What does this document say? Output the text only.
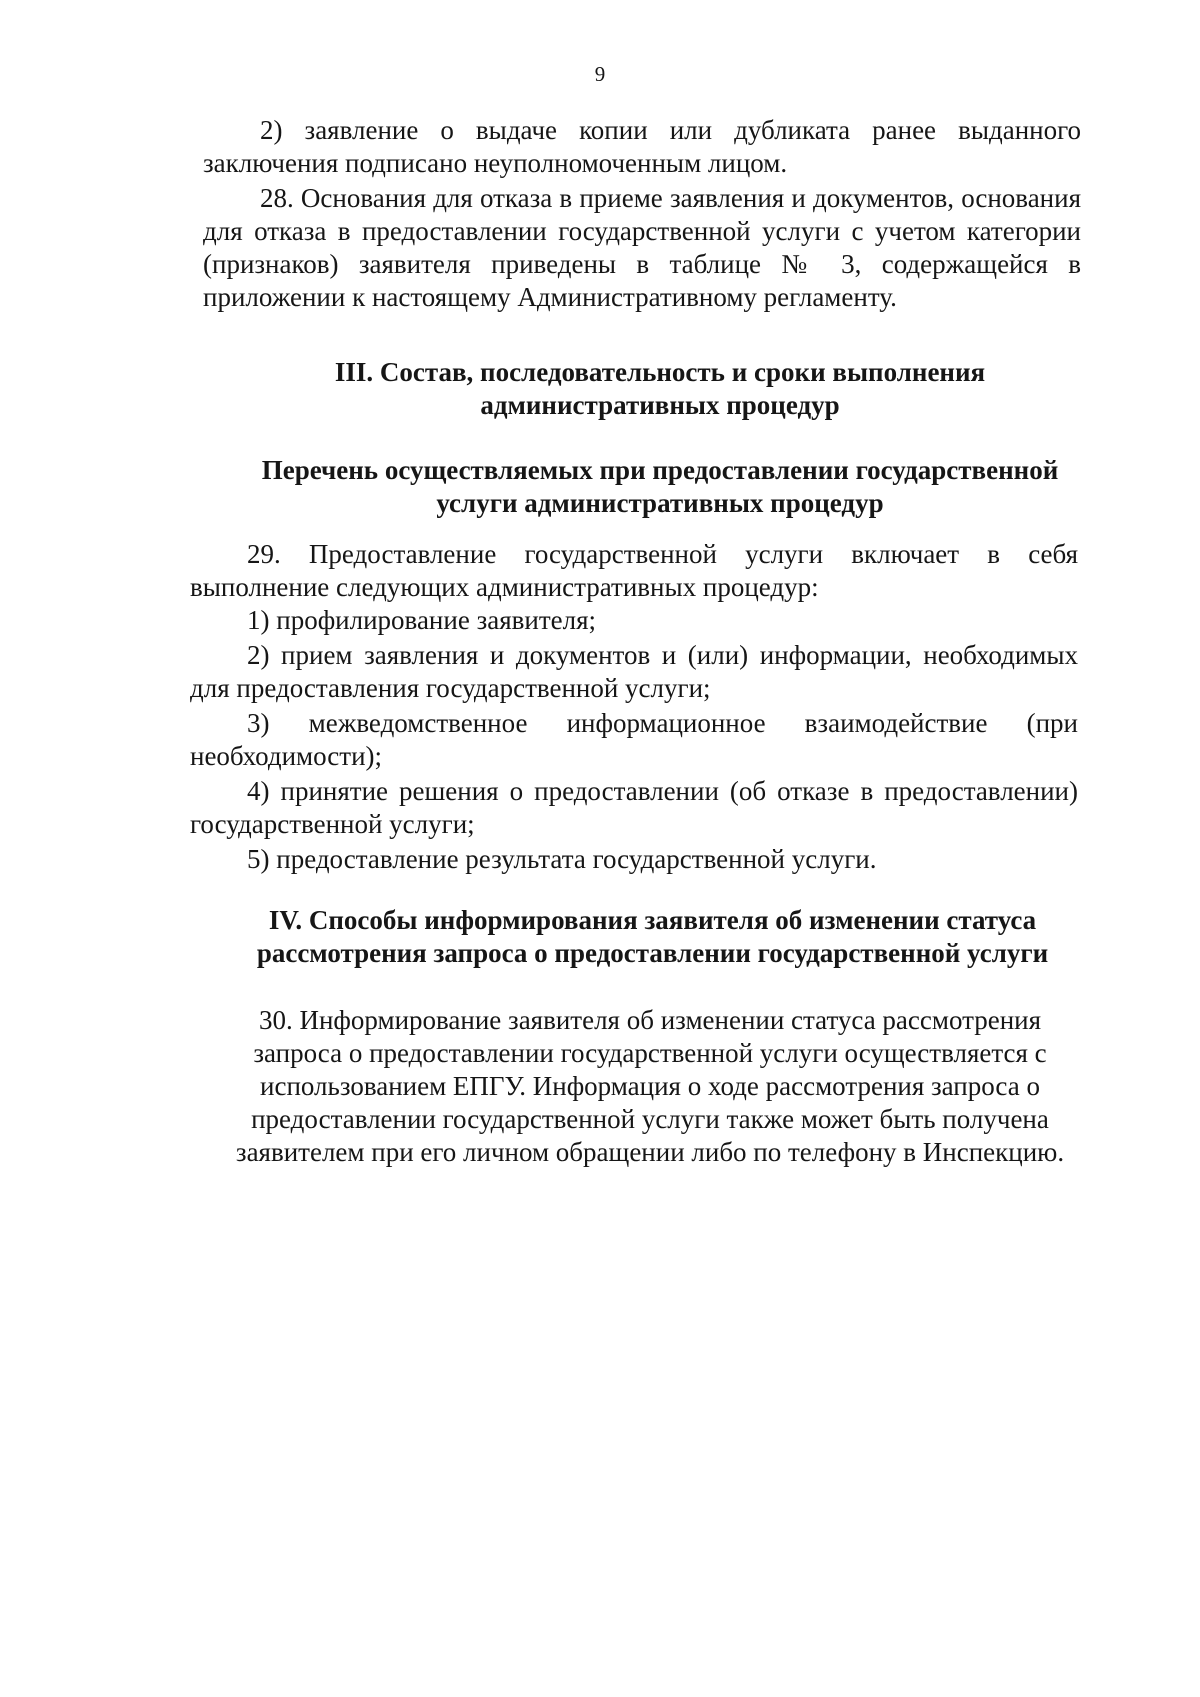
9

2) заявление о выдаче копии или дубликата ранее выданного заключения подписано неуполномоченным лицом.

28. Основания для отказа в приеме заявления и документов, основания для отказа в предоставлении государственной услуги с учетом категории (признаков) заявителя приведены в таблице № 3, содержащейся в приложении к настоящему Административному регламенту.

III. Состав, последовательность и сроки выполнения административных процедур
Перечень осуществляемых при предоставлении государственной услуги административных процедур

29. Предоставление государственной услуги включает в себя выполнение следующих административных процедур:

1) профилирование заявителя;

2) прием заявления и документов и (или) информации, необходимых для предоставления государственной услуги;

3) межведомственное информационное взаимодействие (при необходимости);

4) принятие решения о предоставлении (об отказе в предоставлении) государственной услуги;

5) предоставление результата государственной услуги.

IV. Способы информирования заявителя об изменении статуса рассмотрения запроса о предоставлении государственной услуги
30. Информирование заявителя об изменении статуса рассмотрения
запроса о предоставлении государственной услуги осуществляется с
использованием ЕПГУ. Информация о ходе рассмотрения запроса о
предоставлении государственной услуги также может быть получена
заявителем при его личном обращении либо по телефону в Инспекцию.
